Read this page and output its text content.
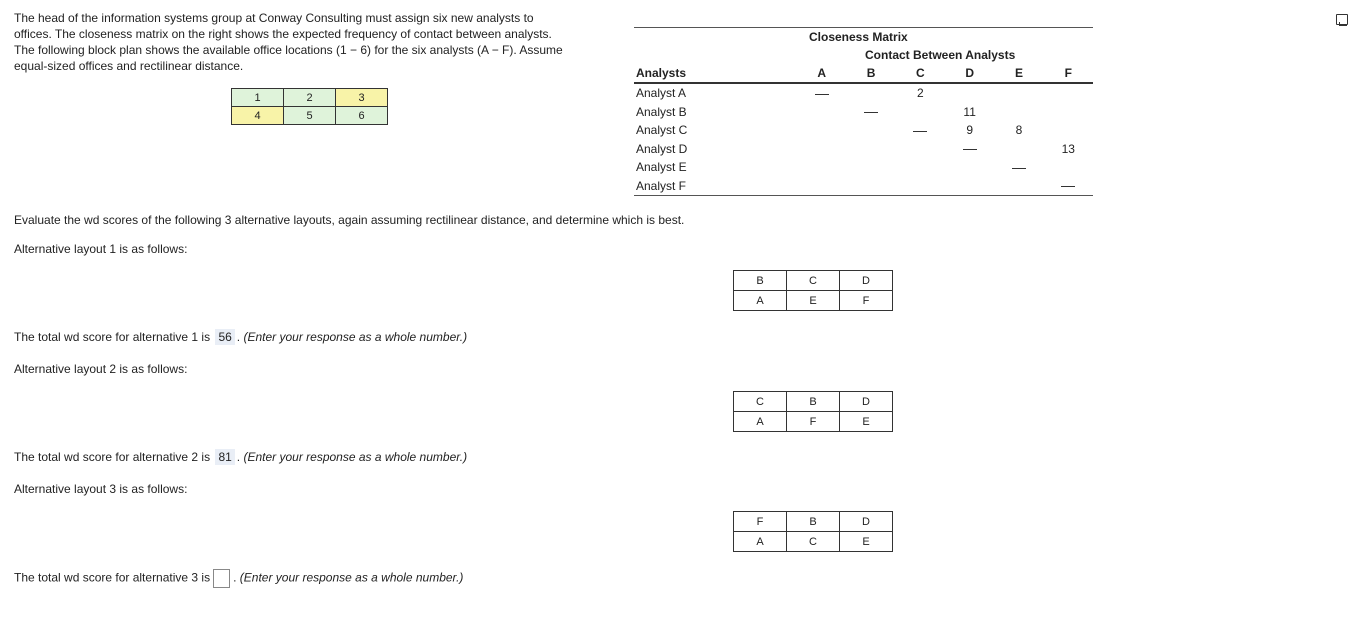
The head of the information systems group at Conway Consulting must assign six new analysts to

offices. The closeness matrix on the right shows the expected frequency of contact between analysts.

The following block plan shows the available office locations (1 − 6) for the six analysts (A − F). Assume

equal-sized offices and rectilinear distance.

1	2	3
4	5	6
Closeness Matrix
Contact Between Analysts
Analysts	A	B	C	D	E	F
Analyst A			2			
Analyst B				11		
Analyst C				9	8	
Analyst D						13
Analyst E						
Analyst F						
Evaluate the wd scores of the following 3 alternative layouts, again assuming rectilinear distance, and determine which is best.
Alternative layout 1 is as follows:
B	C	D
A	E	F
The total wd score for alternative 1 is 56 . (Enter your response as a whole number.)
Alternative layout 2 is as follows:
C	B	D
A	F	E
The total wd score for alternative 2 is 81 . (Enter your response as a whole number.)
Alternative layout 3 is as follows:
F	B	D
A	C	E
The total wd score for alternative 3 is . (Enter your response as a whole number.)
